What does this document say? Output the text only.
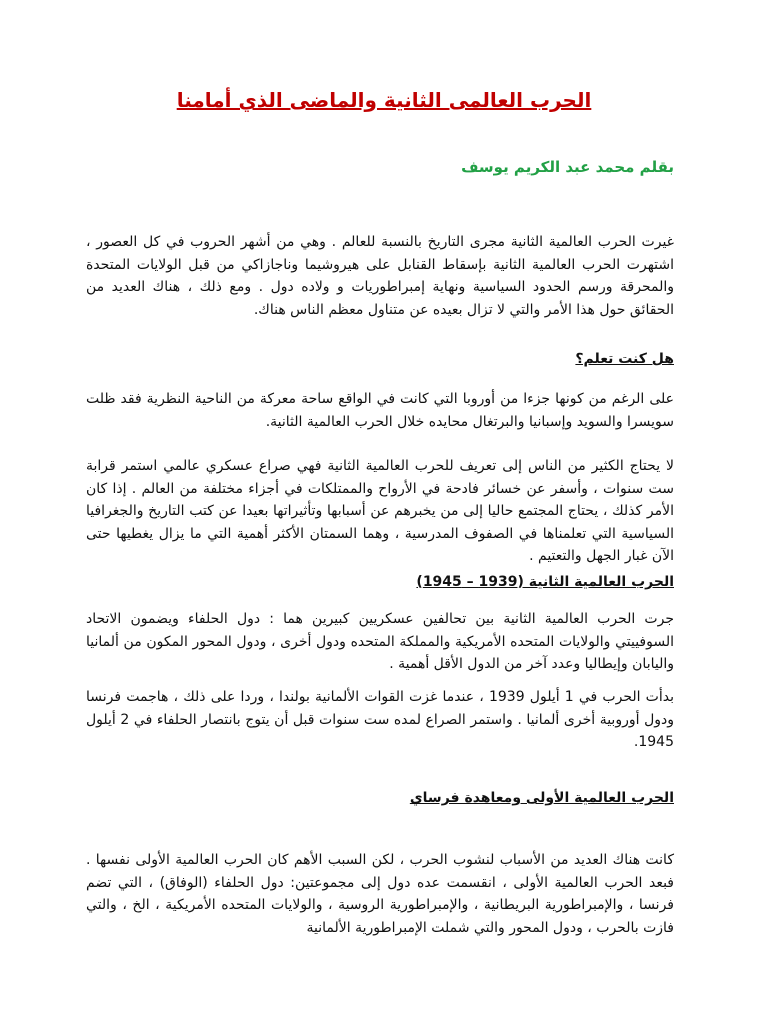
الحرب العالمى الثانية والماضى الذي أمامنا
بقلم محمد عبد الكريم يوسف

غيرت الحرب العالمية الثانية مجرى التاريخ بالنسبة للعالم . وهي من أشهر الحروب في كل العصور ، اشتهرت الحرب العالمية الثانية بإسقاط القنابل على هيروشيما وناجازاكي من قبل الولايات المتحدة والمحرقة ورسم الحدود السياسية ونهاية إمبراطوريات و ولاده دول . ومع ذلك ، هناك العديد من الحقائق حول هذا الأمر والتي لا تزال بعيده عن متناول معظم الناس هناك.

هل كنت تعلم؟

على الرغم من كونها جزءا من أوروبا التي كانت في الواقع ساحة معركة من الناحية النظرية فقد ظلت سويسرا والسويد وإسبانيا والبرتغال محايده خلال الحرب العالمية الثانية.

لا يحتاج الكثير من الناس إلى تعريف للحرب العالمية الثانية فهي صراع عسكري عالمي استمر قرابة ست سنوات ، وأسفر عن خسائر فادحة في الأرواح والممتلكات في أجزاء مختلفة من العالم . إذا كان الأمر كذلك ، يحتاج المجتمع حاليا إلى من يخبرهم عن أسبابها وتأثيراتها بعيدا عن كتب التاريخ والجغرافيا السياسية التي تعلمناها في الصفوف المدرسية ، وهما السمتان الأكثر أهمية التي ما يزال يغطيها حتى الآن غبار الجهل والتعتيم .

الحرب العالمية الثانية (1939 – 1945)

جرت الحرب العالمية الثانية بين تحالفين عسكريين كبيرين هما : دول الحلفاء ويضمون الاتحاد السوفييتي والولايات المتحده الأمريكية والمملكة المتحده ودول أخرى ، ودول المحور المكون من ألمانيا واليابان وإيطاليا وعدد آخر من الدول الأقل أهمية .

بدأت الحرب في 1 أيلول 1939 ، عندما غزت القوات الألمانية بولندا ، وردا على ذلك ، هاجمت فرنسا ودول أوروبية أخرى ألمانيا . واستمر الصراع لمده ست سنوات قبل أن يتوج بانتصار الحلفاء في 2 أيلول 1945.

الحرب العالمية الأولى ومعاهدة فرساي

كانت هناك العديد من الأسباب لنشوب الحرب ، لكن السبب الأهم كان الحرب العالمية الأولى نفسها . فبعد الحرب العالمية الأولى ، انقسمت عده دول إلى مجموعتين: دول الحلفاء (الوفاق) ، التي تضم فرنسا ، والإمبراطورية البريطانية ، والإمبراطورية الروسية ، والولايات المتحده الأمريكية ، الخ ، والتي فازت بالحرب ، ودول المحور والتي شملت الإمبراطورية الألمانية
